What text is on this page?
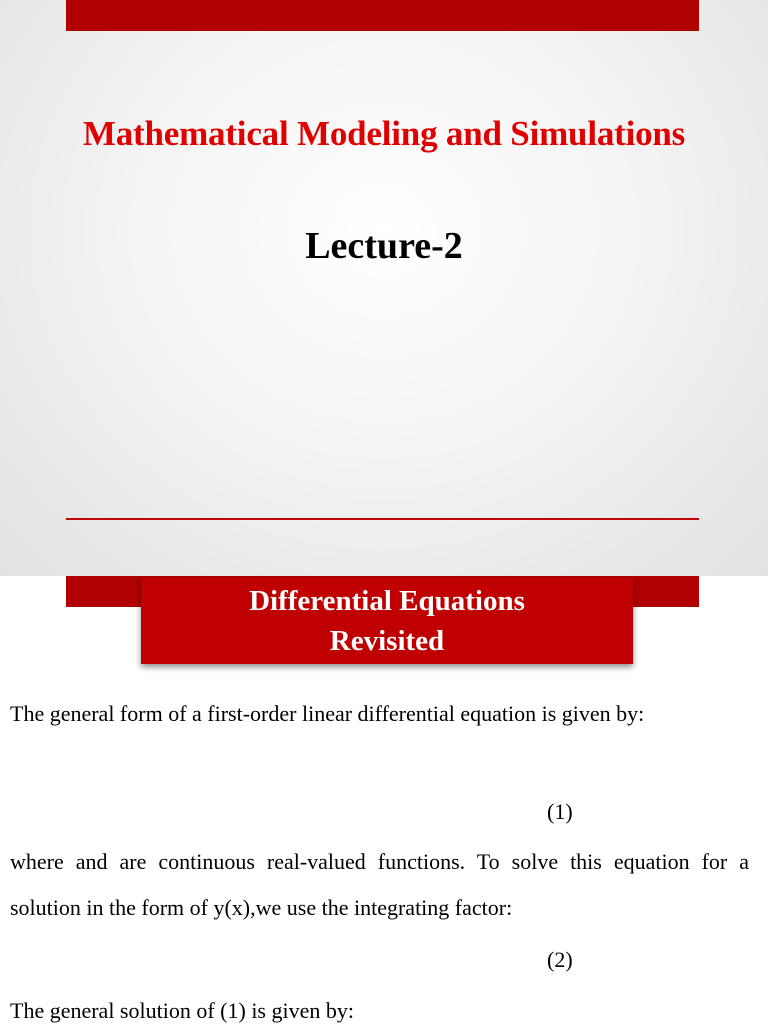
Mathematical Modeling and Simulations
Lecture-2
Differential Equations
Revisited
The general form of a first-order linear differential equation is given by:
(1)
where and are continuous real-valued functions. To solve this equation for a solution in the form of y(x),we use the integrating factor:
(2)
The general solution of (1) is given by:
